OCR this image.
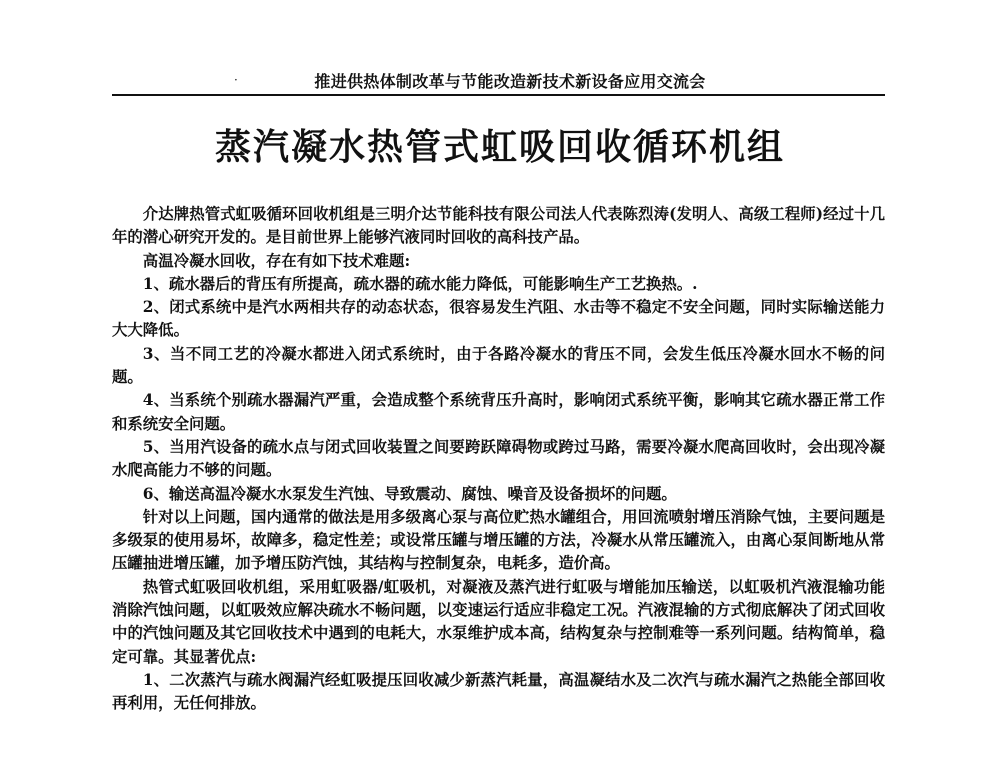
·	推进供热体制改革与节能改造新技术新设备应用交流会
蒸汽凝水热管式虹吸回收循环机组

介达牌热管式虹吸循环回收机组是三明介达节能科技有限公司法人代表陈烈涛(发明人、高级工程师)经过十几年的潜心研究开发的。是目前世界上能够汽液同时回收的高科技产品。

高温冷凝水回收，存在有如下技术难题:

1、疏水器后的背压有所提高，疏水器的疏水能力降低，可能影响生产工艺换热。.

2、闭式系统中是汽水两相共存的动态状态，很容易发生汽阻、水击等不稳定不安全问题，同时实际输送能力大大降低。

3、当不同工艺的冷凝水都进入闭式系统时，由于各路冷凝水的背压不同，会发生低压冷凝水回水不畅的问题。

4、当系统个别疏水器漏汽严重，会造成整个系统背压升高时，影响闭式系统平衡，影响其它疏水器正常工作和系统安全问题。

5、当用汽设备的疏水点与闭式回收装置之间要跨跃障碍物或跨过马路，需要冷凝水爬高回收时，会出现冷凝水爬高能力不够的问题。

6、输送高温冷凝水水泵发生汽蚀、导致震动、腐蚀、噪音及设备损坏的问题。

针对以上问题，国内通常的做法是用多级离心泵与高位贮热水罐组合，用回流喷射增压消除气蚀，主要问题是多级泵的使用易坏，故障多，稳定性差；或设常压罐与增压罐的方法，冷凝水从常压罐流入，由离心泵间断地从常压罐抽进增压罐，加予增压防汽蚀，其结构与控制复杂，电耗多，造价高。

热管式虹吸回收机组，采用虹吸器/虹吸机，对凝液及蒸汽进行虹吸与增能加压输送，以虹吸机汽液混输功能消除汽蚀问题，以虹吸效应解决疏水不畅问题，以变速运行适应非稳定工况。汽液混输的方式彻底解决了闭式回收中的汽蚀问题及其它回收技术中遇到的电耗大，水泵维护成本高，结构复杂与控制难等一系列问题。结构简单，稳定可靠。其显著优点:

1、二次蒸汽与疏水阀漏汽经虹吸提压回收减少新蒸汽耗量，高温凝结水及二次汽与疏水漏汽之热能全部回收再利用，无任何排放。
